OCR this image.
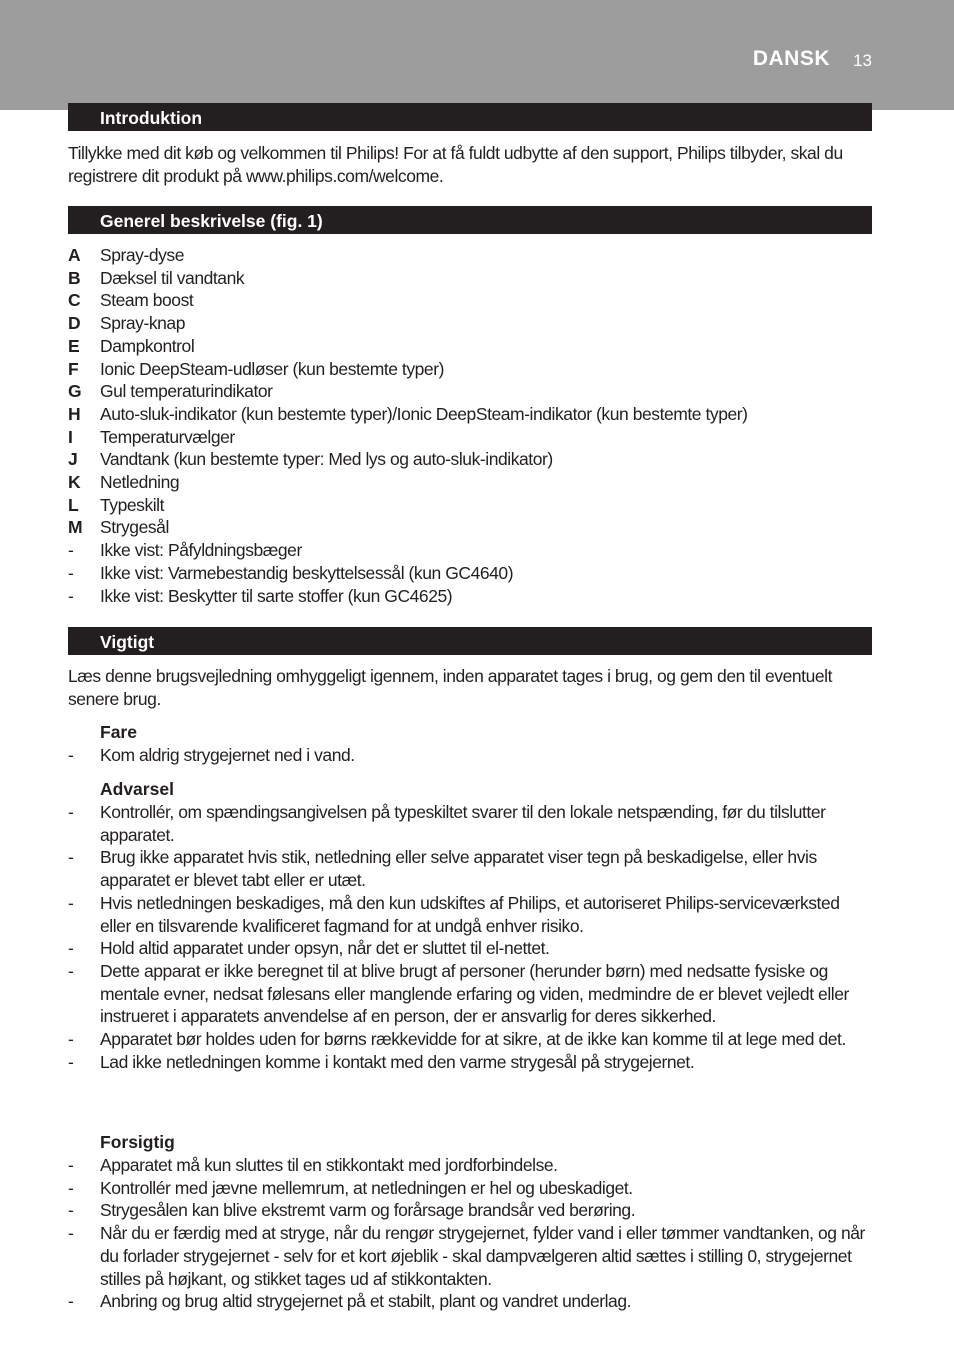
DANSK 13
Introduktion
Tillykke med dit køb og velkommen til Philips! For at få fuldt udbytte af den support, Philips tilbyder, skal du registrere dit produkt på www.philips.com/welcome.
Generel beskrivelse (fig. 1)
A Spray-dyse
B Dæksel til vandtank
C Steam boost
D Spray-knap
E Dampkontrol
F Ionic DeepSteam-udløser (kun bestemte typer)
G Gul temperaturindikator
H Auto-sluk-indikator (kun bestemte typer)/Ionic DeepSteam-indikator (kun bestemte typer)
I Temperaturvælger
J Vandtank (kun bestemte typer: Med lys og auto-sluk-indikator)
K Netledning
L Typeskilt
M Strygesål
- Ikke vist: Påfyldningsbæger
- Ikke vist: Varmebestandig beskyttelsessål (kun GC4640)
- Ikke vist: Beskytter til sarte stoffer (kun GC4625)
Vigtigt
Læs denne brugsvejledning omhyggeligt igennem, inden apparatet tages i brug, og gem den til eventuelt senere brug.
Fare
- Kom aldrig strygejernet ned i vand.
Advarsel
- Kontrollér, om spændingsangivelsen på typeskiltet svarer til den lokale netspænding, før du tilslutter apparatet.
- Brug ikke apparatet hvis stik, netledning eller selve apparatet viser tegn på beskadigelse, eller hvis apparatet er blevet tabt eller er utæt.
- Hvis netledningen beskadiges, må den kun udskiftes af Philips, et autoriseret Philips-serviceværksted eller en tilsvarende kvalificeret fagmand for at undgå enhver risiko.
- Hold altid apparatet under opsyn, når det er sluttet til el-nettet.
- Dette apparat er ikke beregnet til at blive brugt af personer (herunder børn) med nedsatte fysiske og mentale evner, nedsat følesans eller manglende erfaring og viden, medmindre de er blevet vejledt eller instrueret i apparatets anvendelse af en person, der er ansvarlig for deres sikkerhed.
- Apparatet bør holdes uden for børns rækkevidde for at sikre, at de ikke kan komme til at lege med det.
- Lad ikke netledningen komme i kontakt med den varme strygesål på strygejernet.
Forsigtig
- Apparatet må kun sluttes til en stikkontakt med jordforbindelse.
- Kontrollér med jævne mellemrum, at netledningen er hel og ubeskadiget.
- Strygesålen kan blive ekstremt varm og forårsage brandsår ved berøring.
- Når du er færdig med at stryge, når du rengør strygejernet, fylder vand i eller tømmer vandtanken, og når du forlader strygejernet - selv for et kort øjeblik - skal dampvælgeren altid sættes i stilling 0, strygejernet stilles på højkant, og stikket tages ud af stikkontakten.
- Anbring og brug altid strygejernet på et stabilt, plant og vandret underlag.
